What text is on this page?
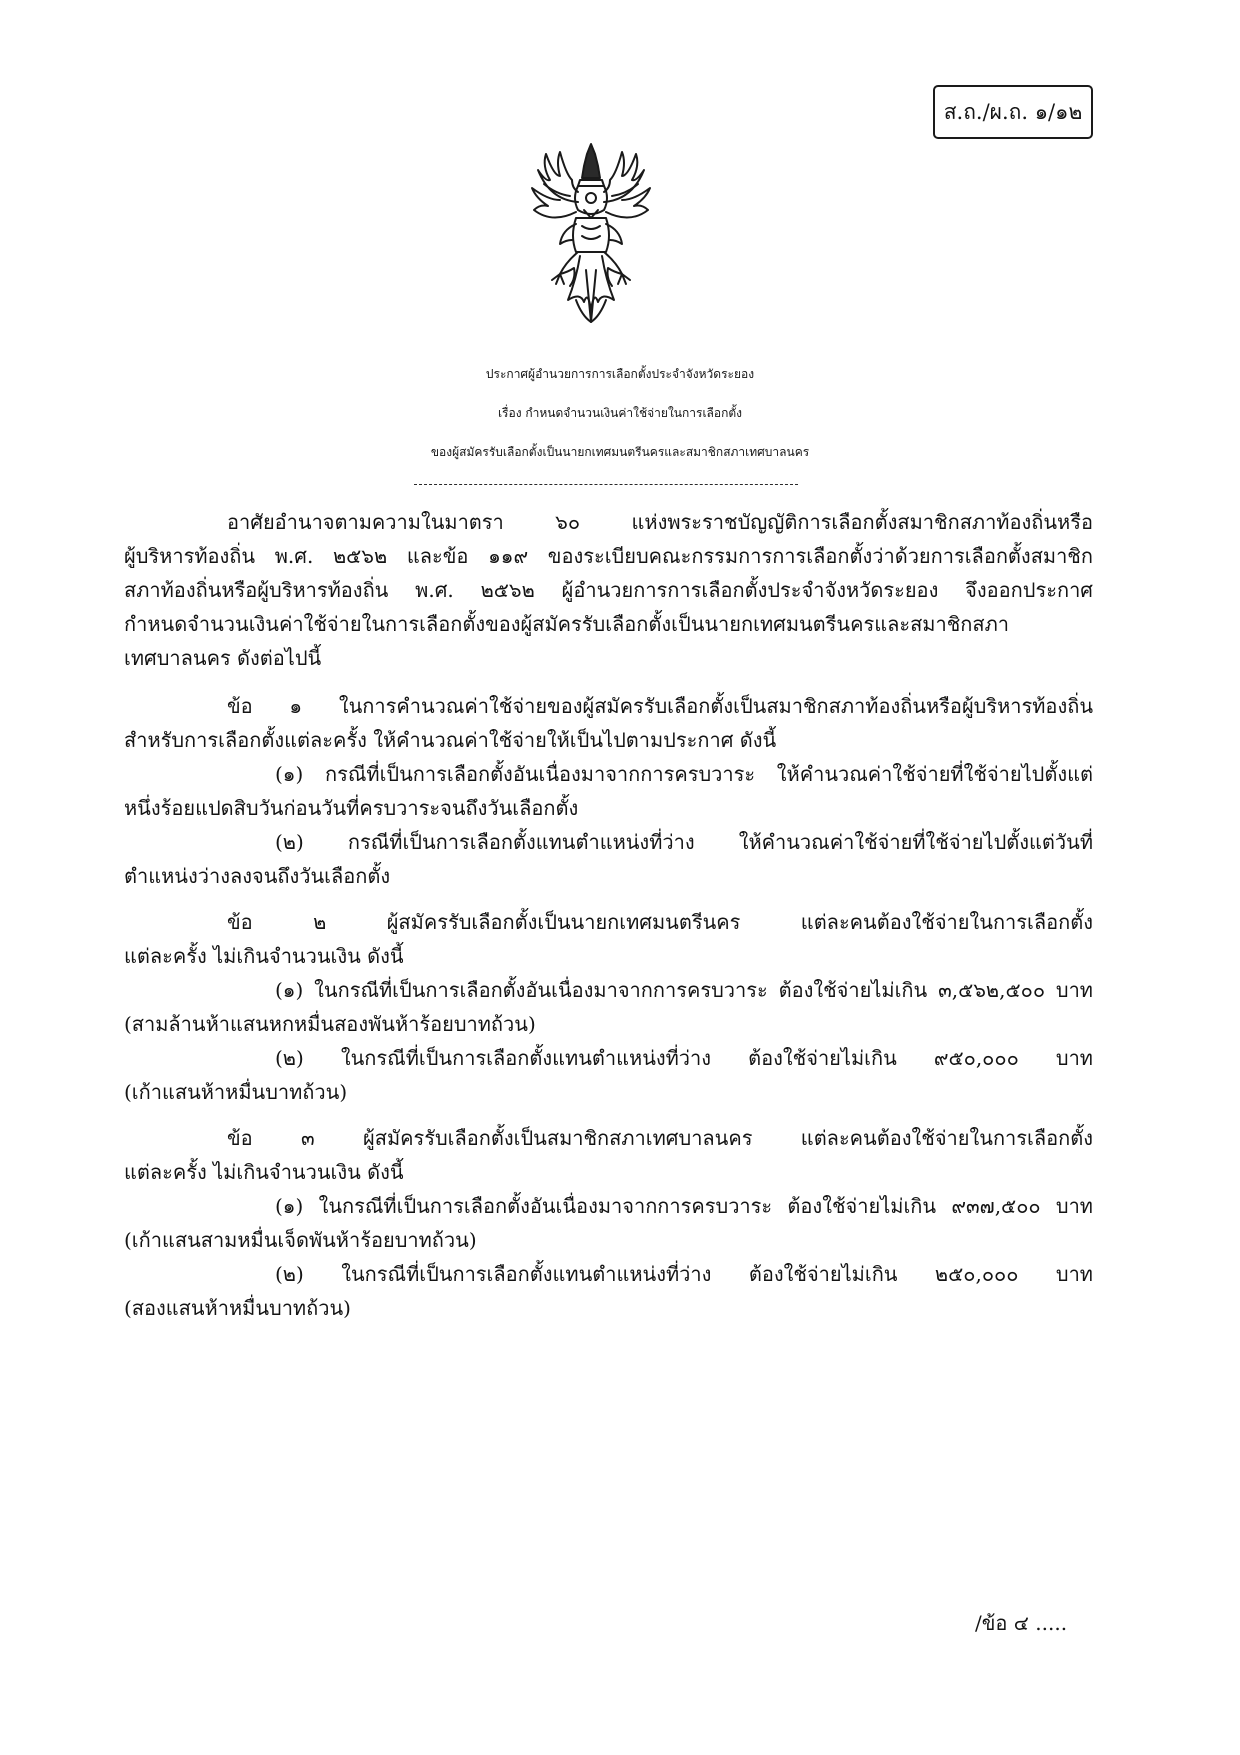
ส.ถ./ผ.ถ. ๑/๑๒
ประกาศผู้อำนวยการการเลือกตั้งประจำจังหวัดระยอง
เรื่อง กำหนดจำนวนเงินค่าใช้จ่ายในการเลือกตั้ง
ของผู้สมัครรับเลือกตั้งเป็นนายกเทศมนตรีนครและสมาชิกสภาเทศบาลนคร
อาศัยอำนาจตามความในมาตรา ๖๐ แห่งพระราชบัญญัติการเลือกตั้งสมาชิกสภาท้องถิ่นหรือ
ผู้บริหารท้องถิ่น พ.ศ. ๒๕๖๒ และข้อ ๑๑๙ ของระเบียบคณะกรรมการการเลือกตั้งว่าด้วยการเลือกตั้งสมาชิก
สภาท้องถิ่นหรือผู้บริหารท้องถิ่น พ.ศ. ๒๕๖๒ ผู้อำนวยการการเลือกตั้งประจำจังหวัดระยอง จึงออกประกาศ
กำหนดจำนวนเงินค่าใช้จ่ายในการเลือกตั้งของผู้สมัครรับเลือกตั้งเป็นนายกเทศมนตรีนครและสมาชิกสภา
เทศบาลนคร ดังต่อไปนี้
ข้อ ๑ ในการคำนวณค่าใช้จ่ายของผู้สมัครรับเลือกตั้งเป็นสมาชิกสภาท้องถิ่นหรือผู้บริหารท้องถิ่น
สำหรับการเลือกตั้งแต่ละครั้ง ให้คำนวณค่าใช้จ่ายให้เป็นไปตามประกาศ ดังนี้
(๑) กรณีที่เป็นการเลือกตั้งอันเนื่องมาจากการครบวาระ ให้คำนวณค่าใช้จ่ายที่ใช้จ่ายไปตั้งแต่
หนึ่งร้อยแปดสิบวันก่อนวันที่ครบวาระจนถึงวันเลือกตั้ง
(๒) กรณีที่เป็นการเลือกตั้งแทนตำแหน่งที่ว่าง ให้คำนวณค่าใช้จ่ายที่ใช้จ่ายไปตั้งแต่วันที่
ตำแหน่งว่างลงจนถึงวันเลือกตั้ง
ข้อ ๒ ผู้สมัครรับเลือกตั้งเป็นนายกเทศมนตรีนคร แต่ละคนต้องใช้จ่ายในการเลือกตั้ง
แต่ละครั้ง ไม่เกินจำนวนเงิน ดังนี้
(๑) ในกรณีที่เป็นการเลือกตั้งอันเนื่องมาจากการครบวาระ ต้องใช้จ่ายไม่เกิน ๓,๕๖๒,๕๐๐ บาท
(สามล้านห้าแสนหกหมื่นสองพันห้าร้อยบาทถ้วน)
(๒) ในกรณีที่เป็นการเลือกตั้งแทนตำแหน่งที่ว่าง ต้องใช้จ่ายไม่เกิน ๙๕๐,๐๐๐ บาท
(เก้าแสนห้าหมื่นบาทถ้วน)
ข้อ ๓ ผู้สมัครรับเลือกตั้งเป็นสมาชิกสภาเทศบาลนคร แต่ละคนต้องใช้จ่ายในการเลือกตั้ง
แต่ละครั้ง ไม่เกินจำนวนเงิน ดังนี้
(๑) ในกรณีที่เป็นการเลือกตั้งอันเนื่องมาจากการครบวาระ ต้องใช้จ่ายไม่เกิน ๙๓๗,๕๐๐ บาท
(เก้าแสนสามหมื่นเจ็ดพันห้าร้อยบาทถ้วน)
(๒) ในกรณีที่เป็นการเลือกตั้งแทนตำแหน่งที่ว่าง ต้องใช้จ่ายไม่เกิน ๒๕๐,๐๐๐ บาท
(สองแสนห้าหมื่นบาทถ้วน)
/ข้อ ๔ .....
